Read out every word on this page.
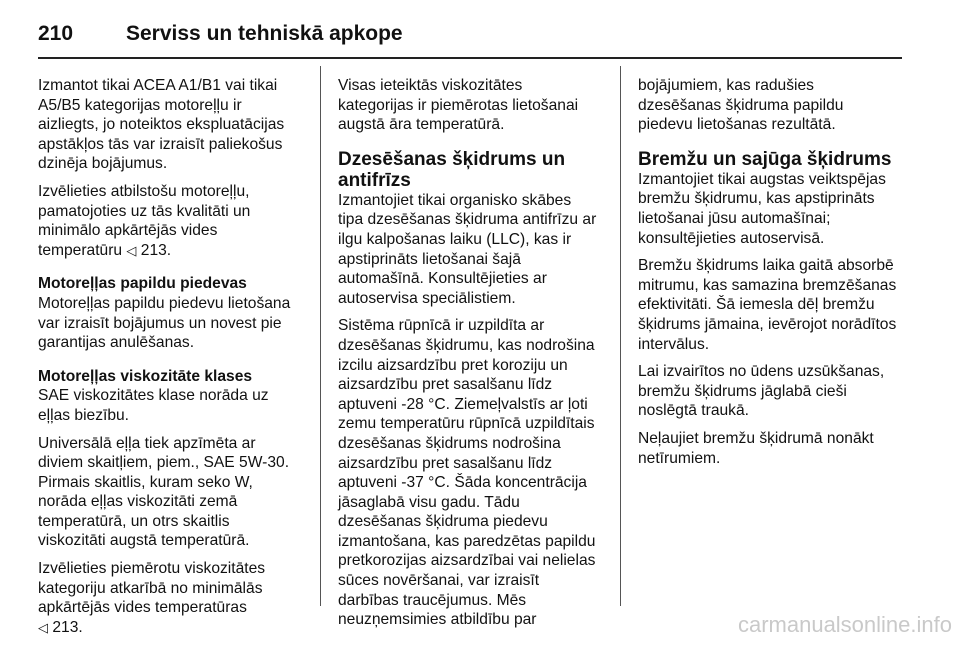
210	Serviss un tehniskā apkope

Izmantot tikai ACEA A1/B1 vai tikai A5/B5 kategorijas motoreļļu ir aizliegts, jo noteiktos ekspluatācijas apstākļos tās var izraisīt paliekošus dzinēja bojājumus.

Izvēlieties atbilstošu motoreļļu, pamatojoties uz tās kvalitāti un minimālo apkārtējās vides temperatūru ◁ 213.

Motoreļļas papildu piedevas

Motoreļļas papildu piedevu lietošana var izraisīt bojājumus un novest pie garantijas anulēšanas.

Motoreļļas viskozitāte klases

SAE viskozitātes klase norāda uz eļļas biezību.

Universālā eļļa tiek apzīmēta ar diviem skaitļiem, piem., SAE 5W-30. Pirmais skaitlis, kuram seko W, norāda eļļas viskozitāti zemā temperatūrā, un otrs skaitlis viskozitāti augstā temperatūrā.

Izvēlieties piemērotu viskozitātes kategoriju atkarībā no minimālās apkārtējās vides temperatūras
◁ 213.

Visas ieteiktās viskozitātes kategorijas ir piemērotas lietošanai augstā āra temperatūrā.

Dzesēšanas šķidrums un antifrīzs

Izmantojiet tikai organisko skābes tipa dzesēšanas šķidruma antifrīzu ar ilgu kalpošanas laiku (LLC), kas ir apstiprināts lietošanai šajā automašīnā. Konsultējieties ar autoservisa speciālistiem.

Sistēma rūpnīcā ir uzpildīta ar dzesēšanas šķidrumu, kas nodrošina izcilu aizsardzību pret koroziju un aizsardzību pret sasalšanu līdz aptuveni -28 °C. Ziemeļvalstīs ar ļoti zemu temperatūru rūpnīcā uzpildītais dzesēšanas šķidrums nodrošina aizsardzību pret sasalšanu līdz aptuveni -37 °C. Šāda koncentrācija jāsaglabā visu gadu. Tādu dzesēšanas šķidruma piedevu izmantošana, kas paredzētas papildu pretkorozijas aizsardzībai vai nelielas sūces novēršanai, var izraisīt darbības traucējumus. Mēs neuzņemsimies atbildību par

bojājumiem, kas radušies dzesēšanas šķidruma papildu piedevu lietošanas rezultātā.

Bremžu un sajūga šķidrums

Izmantojiet tikai augstas veiktspējas bremžu šķidrumu, kas apstiprināts lietošanai jūsu automašīnai; konsultējieties autoservisā.

Bremžu šķidrums laika gaitā absorbē mitrumu, kas samazina bremzēšanas efektivitāti. Šā iemesla dēļ bremžu šķidrums jāmaina, ievērojot norādītos intervālus.

Lai izvairītos no ūdens uzsūkšanas, bremžu šķidrums jāglabā cieši noslēgtā traukā.

Neļaujiet bremžu šķidrumā nonākt netīrumiem.

carmanualsonline.info
